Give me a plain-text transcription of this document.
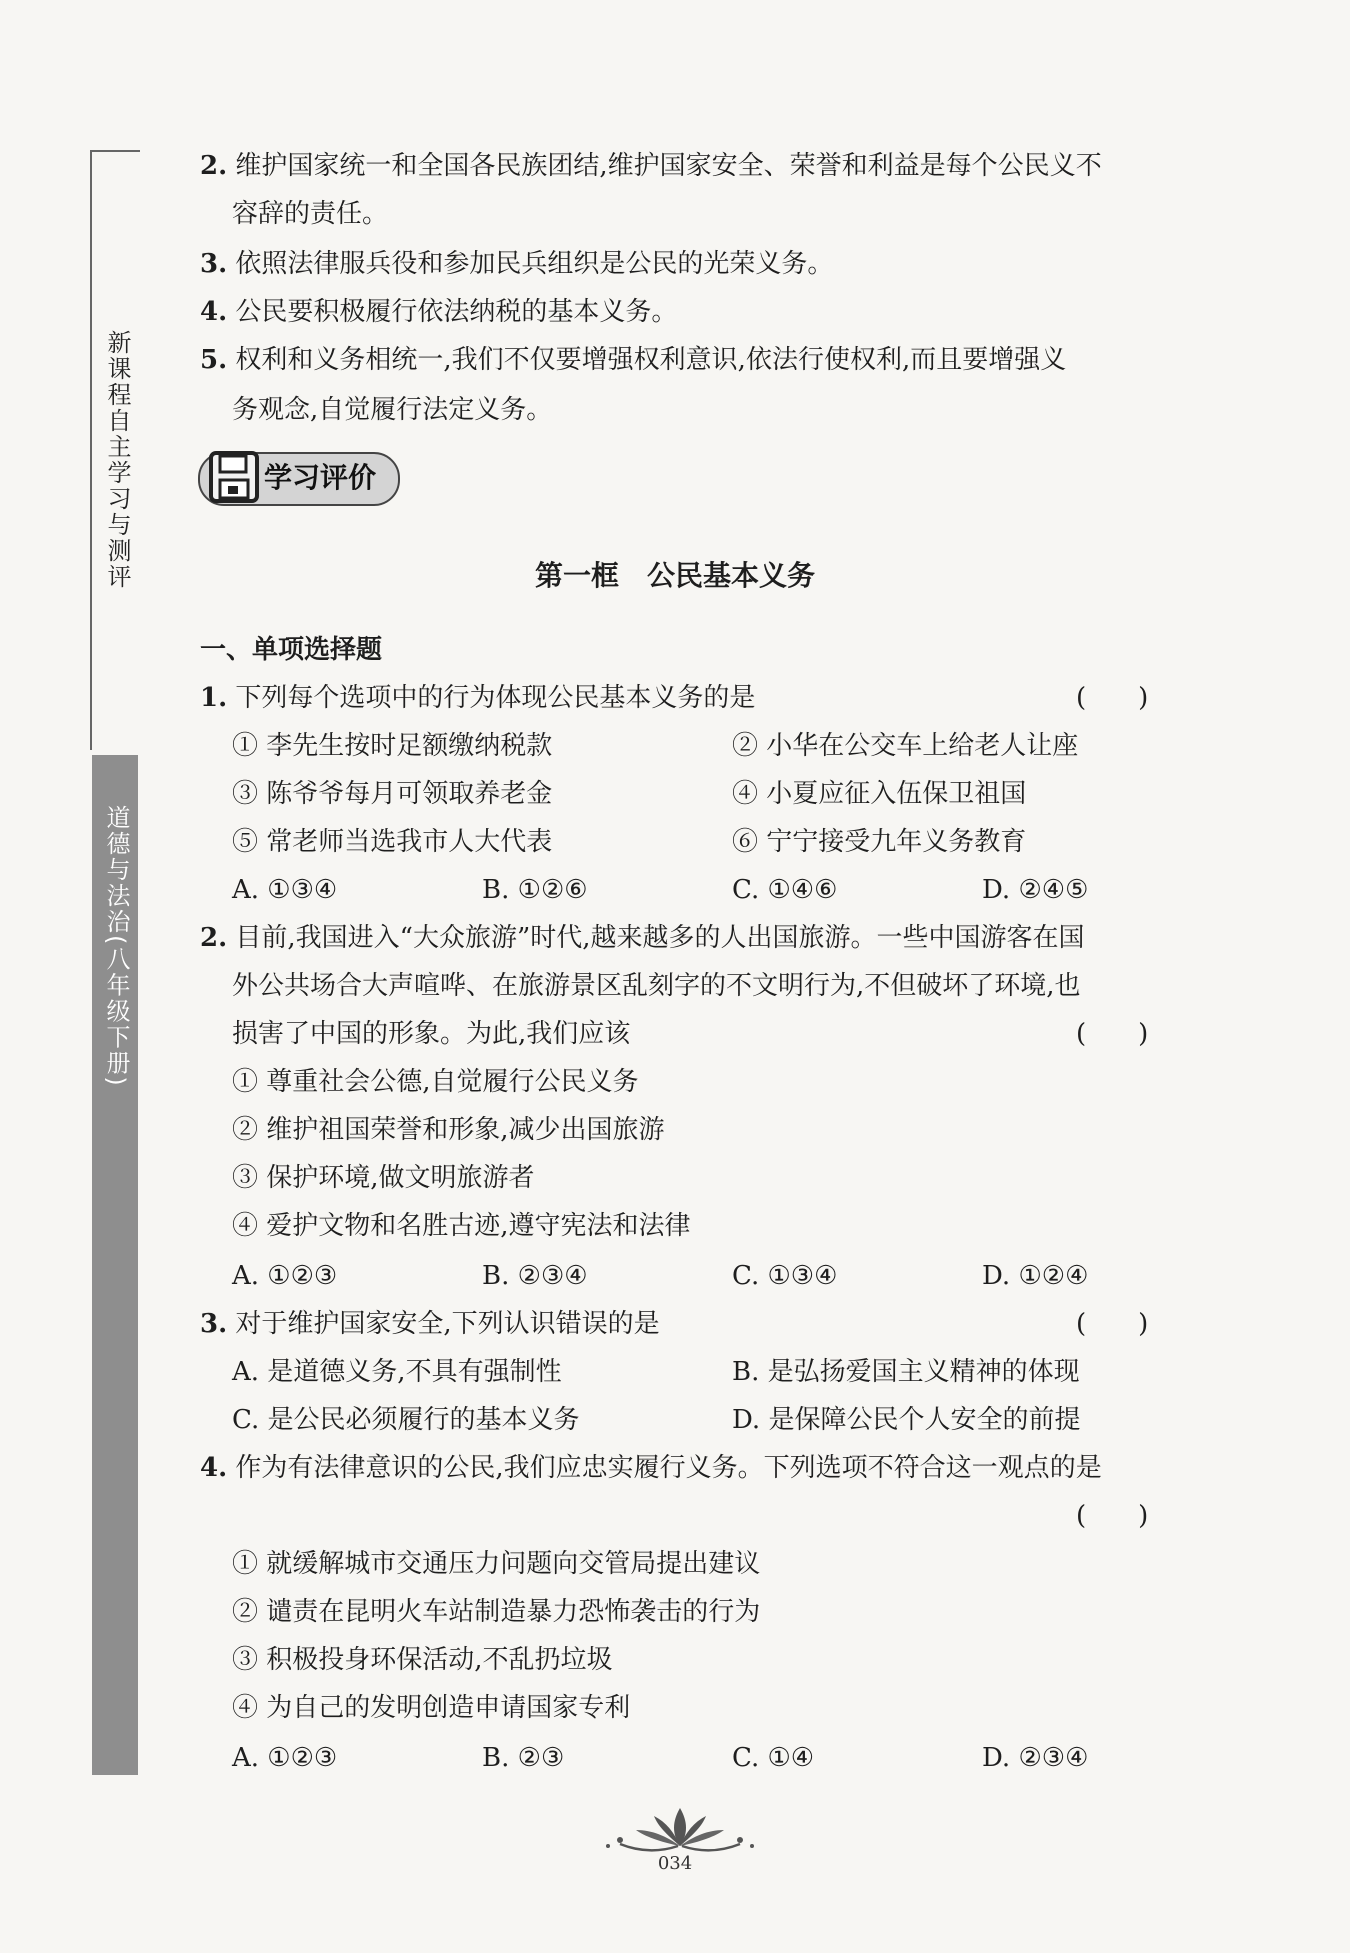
新课程自主学习与测评
道德与法治(八年级下册)
2. 维护国家统一和全国各民族团结,维护国家安全、荣誉和利益是每个公民义不
容辞的责任。
3. 依照法律服兵役和参加民兵组织是公民的光荣义务。
4. 公民要积极履行依法纳税的基本义务。
5. 权利和义务相统一,我们不仅要增强权利意识,依法行使权利,而且要增强义
务观念,自觉履行法定义务。
学习评价
第一框　公民基本义务
一、单项选择题
1. 下列每个选项中的行为体现公民基本义务的是	(　　)
① 李先生按时足额缴纳税款	② 小华在公交车上给老人让座
③ 陈爷爷每月可领取养老金	④ 小夏应征入伍保卫祖国
⑤ 常老师当选我市人大代表	⑥ 宁宁接受九年义务教育
A. ①③④	B. ①②⑥	C. ①④⑥	D. ②④⑤
2. 目前,我国进入“大众旅游”时代,越来越多的人出国旅游。一些中国游客在国
外公共场合大声喧哗、在旅游景区乱刻字的不文明行为,不但破坏了环境,也
损害了中国的形象。为此,我们应该	(　　)
① 尊重社会公德,自觉履行公民义务
② 维护祖国荣誉和形象,减少出国旅游
③ 保护环境,做文明旅游者
④ 爱护文物和名胜古迹,遵守宪法和法律
A. ①②③	B. ②③④	C. ①③④	D. ①②④
3. 对于维护国家安全,下列认识错误的是	(　　)
A. 是道德义务,不具有强制性	B. 是弘扬爱国主义精神的体现
C. 是公民必须履行的基本义务	D. 是保障公民个人安全的前提
4. 作为有法律意识的公民,我们应忠实履行义务。下列选项不符合这一观点的是
(　　)
① 就缓解城市交通压力问题向交管局提出建议
② 谴责在昆明火车站制造暴力恐怖袭击的行为
③ 积极投身环保活动,不乱扔垃圾
④ 为自己的发明创造申请国家专利
A. ①②③	B. ②③	C. ①④	D. ②③④
034
